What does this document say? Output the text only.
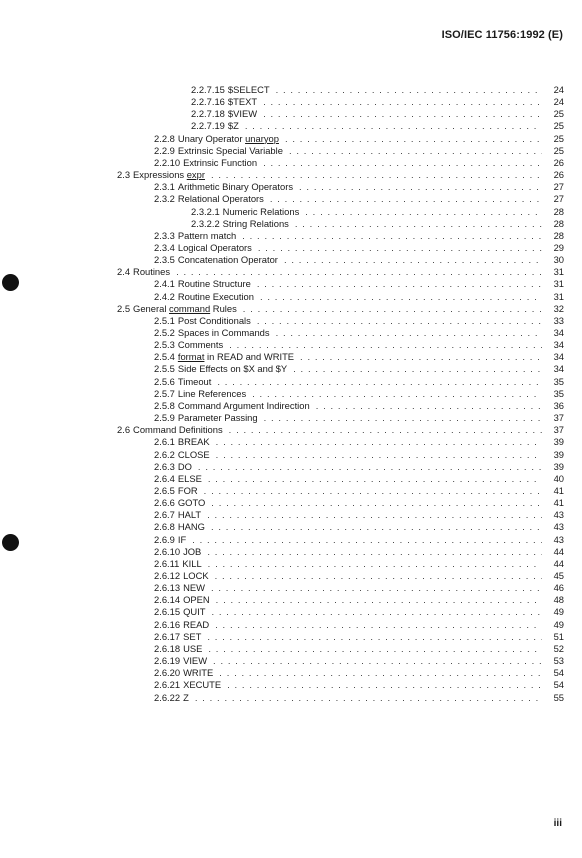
ISO/IEC 11756:1992 (E)
2.2.7.15 $SELECT . . .	24
2.2.7.16 $TEXT . . .	24
2.2.7.18 $VIEW . . .	25
2.2.7.19 $Z . . .	25
2.2.8 Unary Operator unaryop . . .	25
2.2.9 Extrinsic Special Variable . . .	25
2.2.10 Extrinsic Function . . .	26
2.3 Expressions expr . . .	26
2.3.1 Arithmetic Binary Operators . . .	27
2.3.2 Relational Operators . . .	27
2.3.2.1 Numeric Relations . . .	28
2.3.2.2 String Relations . . .	28
2.3.3 Pattern match . . .	28
2.3.4 Logical Operators . . .	29
2.3.5 Concatenation Operator . . .	30
2.4 Routines . . .	31
2.4.1 Routine Structure . . .	31
2.4.2 Routine Execution . . .	31
2.5 General command Rules . . .	32
2.5.1 Post Conditionals . . .	33
2.5.2 Spaces in Commands . . .	34
2.5.3 Comments . . .	34
2.5.4 format in READ and WRITE . . .	34
2.5.5 Side Effects on $X and $Y . . .	34
2.5.6 Timeout . . .	35
2.5.7 Line References . . .	35
2.5.8 Command Argument Indirection . . .	36
2.5.9 Parameter Passing . . .	37
2.6 Command Definitions . . .	37
2.6.1 BREAK . . .	39
2.6.2 CLOSE . . .	39
2.6.3 DO . . .	39
2.6.4 ELSE . . .	40
2.6.5 FOR . . .	41
2.6.6 GOTO . . .	41
2.6.7 HALT . . .	43
2.6.8 HANG . . .	43
2.6.9 IF . . .	43
2.6.10 JOB . . .	44
2.6.11 KILL . . .	44
2.6.12 LOCK . . .	45
2.6.13 NEW . . .	46
2.6.14 OPEN . . .	48
2.6.15 QUIT . . .	49
2.6.16 READ . . .	49
2.6.17 SET . . .	51
2.6.18 USE . . .	52
2.6.19 VIEW . . .	53
2.6.20 WRITE . . .	54
2.6.21 XECUTE . . .	54
2.6.22 Z . . .	55
iii
